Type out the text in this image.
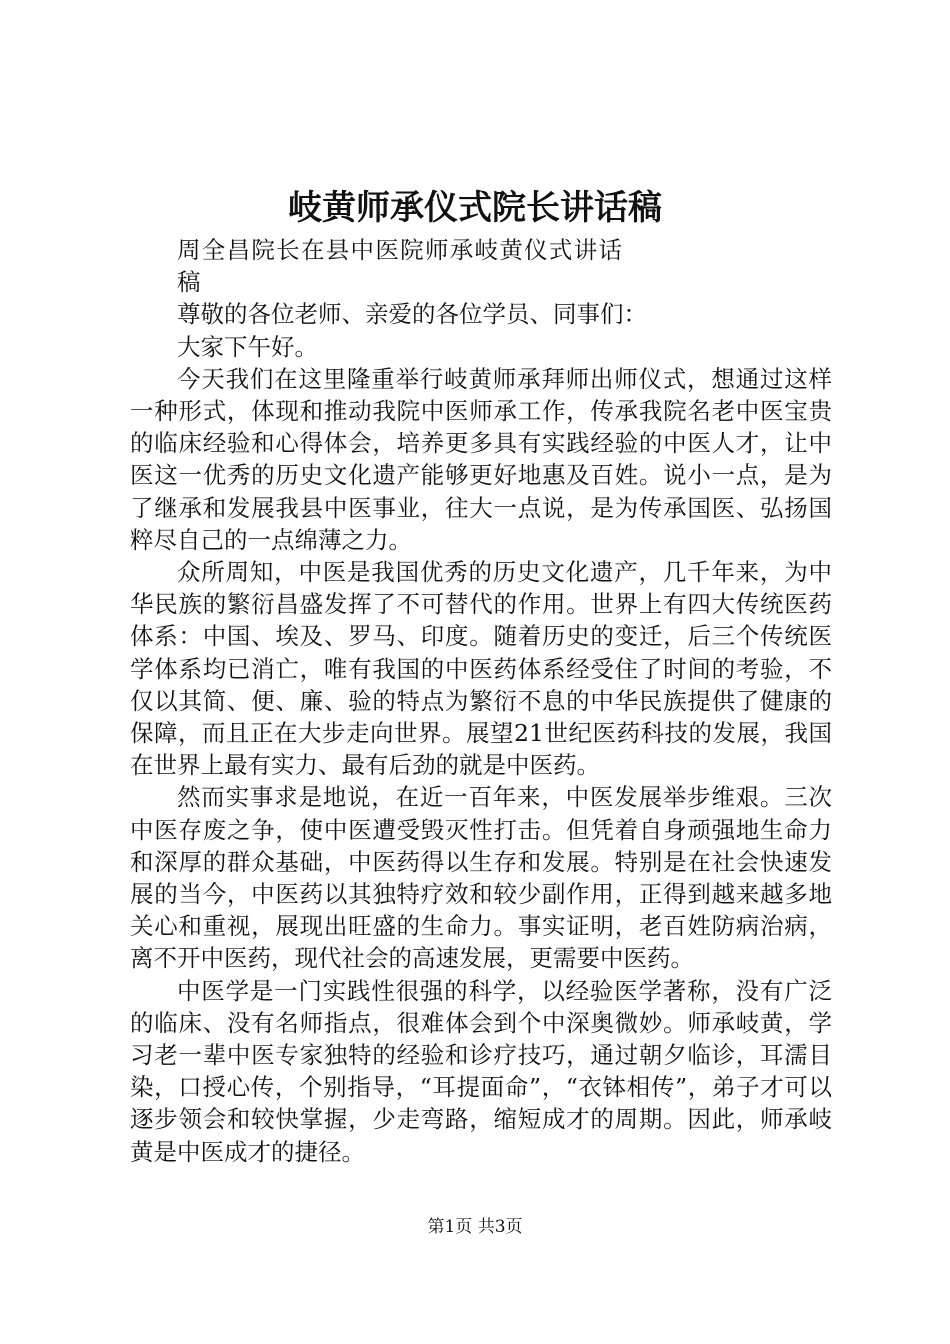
岐黄师承仪式院长讲话稿

周全昌院长在县中医院师承岐黄仪式讲话稿

尊敬的各位老师、亲爱的各位学员、同事们：

大家下午好。

今天我们在这里隆重举行岐黄师承拜师出师仪式，想通过这样一种形式，体现和推动我院中医师承工作，传承我院名老中医宝贵的临床经验和心得体会，培养更多具有实践经验的中医人才，让中医这一优秀的历史文化遗产能够更好地惠及百姓。说小一点，是为了继承和发展我县中医事业，往大一点说，是为传承国医、弘扬国粹尽自己的一点绵薄之力。

众所周知，中医是我国优秀的历史文化遗产，几千年来，为中华民族的繁衍昌盛发挥了不可替代的作用。世界上有四大传统医药体系：中国、埃及、罗马、印度。随着历史的变迁，后三个传统医学体系均已消亡，唯有我国的中医药体系经受住了时间的考验，不仅以其简、便、廉、验的特点为繁衍不息的中华民族提供了健康的保障，而且正在大步走向世界。展望21世纪医药科技的发展，我国在世界上最有实力、最有后劲的就是中医药。

然而实事求是地说，在近一百年来，中医发展举步维艰。三次中医存废之争，使中医遭受毁灭性打击。但凭着自身顽强地生命力和深厚的群众基础，中医药得以生存和发展。特别是在社会快速发展的当今，中医药以其独特疗效和较少副作用，正得到越来越多地关心和重视，展现出旺盛的生命力。事实证明，老百姓防病治病，离不开中医药，现代社会的高速发展，更需要中医药。

中医学是一门实践性很强的科学，以经验医学著称，没有广泛的临床、没有名师指点，很难体会到个中深奥微妙。师承岐黄，学习老一辈中医专家独特的经验和诊疗技巧，通过朝夕临诊，耳濡目染，口授心传，个别指导，“耳提面命”，“衣钵相传”，弟子才可以逐步领会和较快掌握，少走弯路，缩短成才的周期。因此，师承岐黄是中医成才的捷径。

第1页 共3页
